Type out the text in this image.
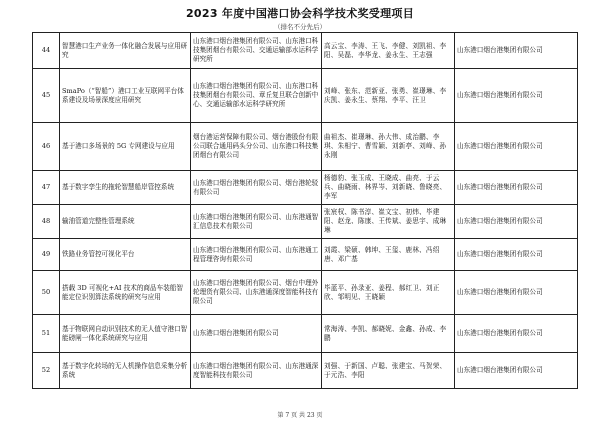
2023 年度中国港口协会科学技术奖受理项目
（排名不分先后）
44	智慧港口生产业务一体化融合发展与应用研究	山东港口烟台港集团有限公司、山东港口科技集团烟台有限公司、交通运输部水运科学研究所	高云宝、李涛、王飞、李健、刘凯祖、李阳、吴磊、李华龙、姜永生、王志强	山东港口烟台港集团有限公司
45	SmaPo（“智船”）港口工业互联网平台体系建设及场景深度应用研究	山东港口烟台港集团有限公司、山东港口科技集团烟台有限公司、章丘复旦联合创新中心、交通运输部水运科学研究所	刘峰、张东、范新亚、张勇、崔璟琳、李庆凯、姜永生、蔡翔、李平、汪卫	山东港口烟台港集团有限公司
46	基于港口多场景的 5G 专网建设与应用	烟台港运营保障有限公司、烟台港股份有限公司联合通用码头分公司、山东港口科技集团烟台有限公司	曲祖杰、崔璟琳、孙大伟、成治鹏、李琪、朱相宁、曹雪颖、刘新亭、刘峰、孙永刚	山东港口烟台港集团有限公司
47	基于数字孪生的拖轮智慧船岸管控系统	山东港口烟台港集团有限公司、烟台港轮驳有限公司	杨德豹、张玉成、王晓成、曲亮、于云兵、曲晓雨、林界岑、刘新晓、鲁晓亮、李军	山东港口烟台港集团有限公司
48	输油管道完整性管理系统	山东港口烟台港集团有限公司、山东港通智汇信息技术有限公司	张宸权、陈书淳、崔文宝、初炜、毕建阳、赵龙、陈康、王传斌、姜思宇、成琳琳	山东港口烟台港集团有限公司
49	铁路业务管控可视化平台	山东港口烟台港集团有限公司、山东港通工程管理咨询有限公司	刘霞、梁硕、韩坤、王玺、鹿林、冯绍唐、邓广基	山东港口烟台港集团有限公司
50	搭载 3D 可视化+AI 技术的商品车装船智能定位识别算法系统的研究与应用	山东港口烟台港集团有限公司、烟台中理外轮理货有限公司、山东港通深度智能科技有限公司	毕蓝平、孙录亚、姜程、郝红卫、刘正欣、邹明见、王晓颖	山东港口烟台港集团有限公司
51	基于物联网自动识别技术的无人值守港口智能磅闸一体化系统研究与应用	山东港口烟台港集团有限公司	常海涛、李凯、郝晓妮、金鑫、孙成、李鹏	山东港口烟台港集团有限公司
52	基于数字化转场的无人机操作信息采集分析系统	山东港口烟台港集团有限公司、山东港通深度智能科技有限公司	刘强、于新国、卢聪、张建宝、马贺荣、于元浩、李阳	山东港口烟台港集团有限公司
第 7 页 共 23 页
